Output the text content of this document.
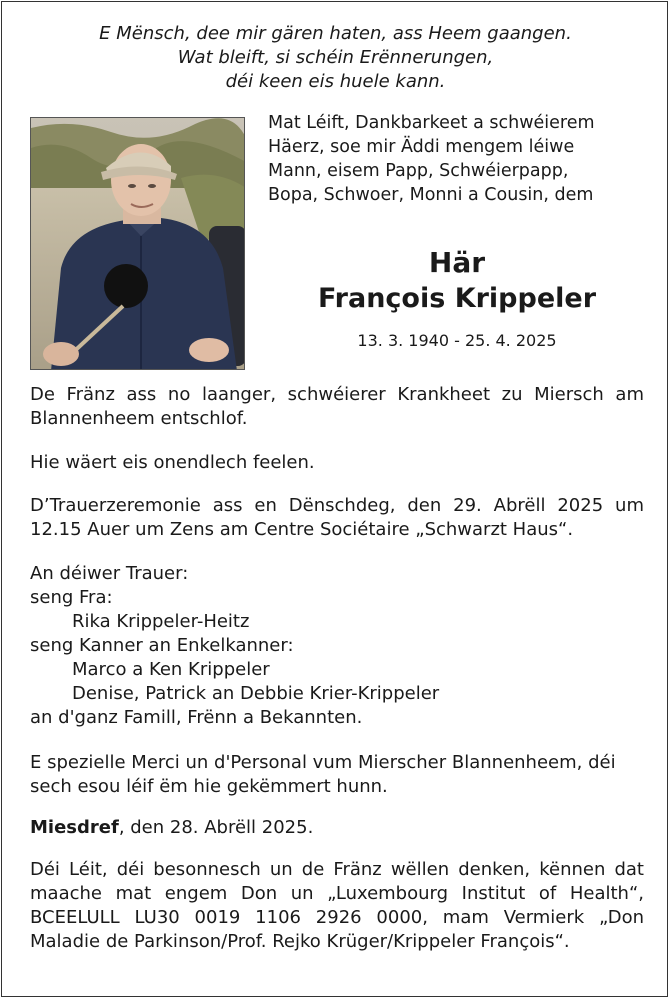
E Mënsch, dee mir gären haten, ass Heem gaangen.
Wat bleift, si schéin Erënnerungen,
déi keen eis huele kann.
Mat Léift, Dankbarkeet a schwéierem
Häerz, soe mir Äddi mengem léiwe
Mann, eisem Papp, Schwéierpapp,
Bopa, Schwoer, Monni a Cousin, dem
Här
François Krippeler
13. 3. 1940 - 25. 4. 2025
De Fränz ass no laanger, schwéierer Krankheet zu Miersch am Blannenheem entschlof.
Hie wäert eis onendlech feelen.
D’Trauerzeremonie ass en Dënschdeg, den 29. Abrëll 2025 um 12.15 Auer um Zens am Centre Sociétaire „Schwarzt Haus“.
An déiwer Trauer:
seng Fra:
Rika Krippeler-Heitz
seng Kanner an Enkelkanner:
Marco a Ken Krippeler
Denise, Patrick an Debbie Krier-Krippeler
an d'ganz Famill, Frënn a Bekannten.
E spezielle Merci un d'Personal vum Mierscher Blannenheem, déi sech esou léif ëm hie gekëmmert hunn.
Miesdref, den 28. Abrëll 2025.
Déi Léit, déi besonnesch un de Fränz wëllen denken, kënnen dat maache mat engem Don un „Luxembourg Institut of Health“, BCEELULL LU30 0019 1106 2926 0000, mam Vermierk „Don Maladie de Parkinson/Prof. Rejko Krüger/Krippeler François“.
